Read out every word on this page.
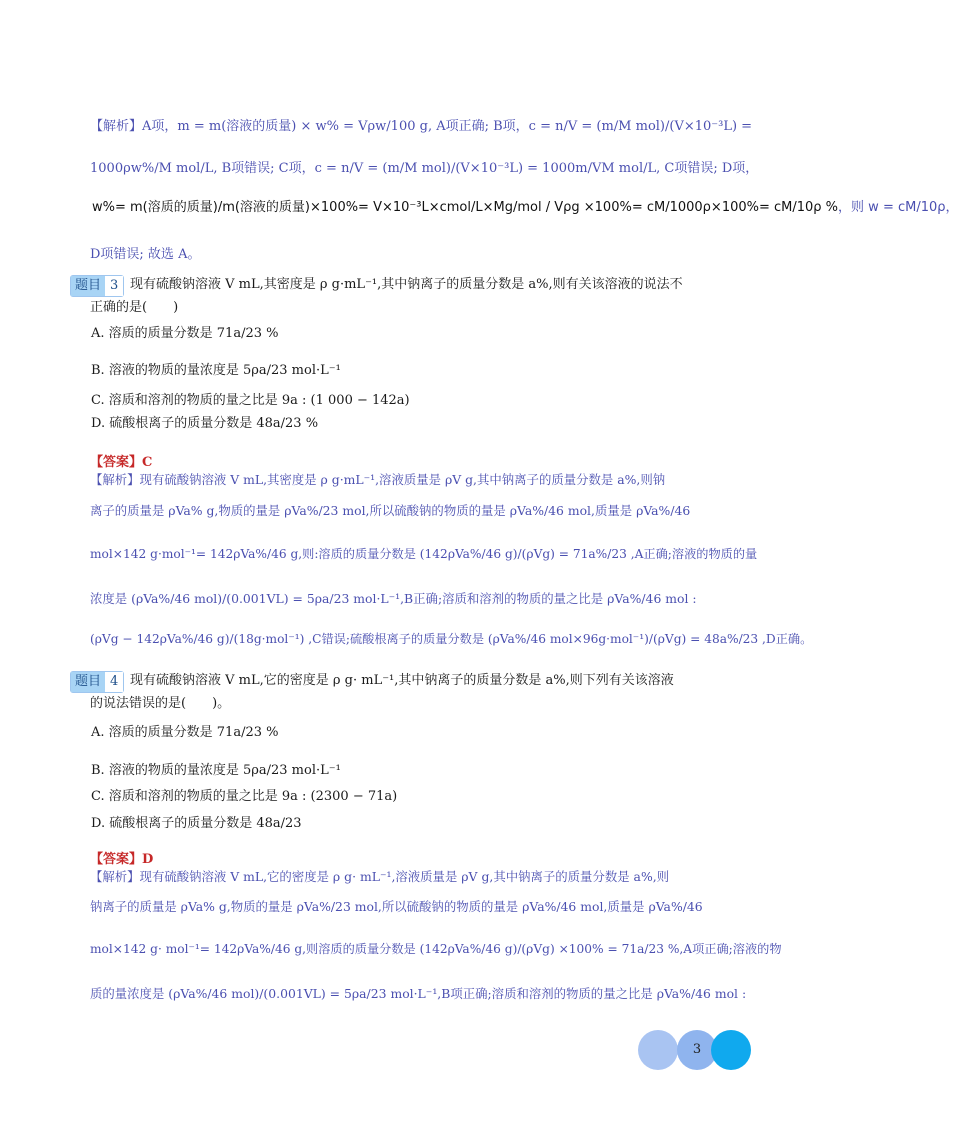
【解析】A项，m = m(溶液的质量) × w% = Vρw/100 g, A项正确; B项，c = n/V = (m/M mol)/(V×10⁻³L) =
1000ρw%/M mol/L, B项错误; C项，c = n/V = (m/M mol)/(V×10⁻³L) = 1000m/VM mol/L, C项错误; D项，
w%= m(溶质的质量)/m(溶液的质量)×100%= V×10⁻³L×cmol/L×Mg/mol / Vρg ×100%= cM/1000ρ×100%= cM/10ρ %，则 w = cM/10ρ，
D项错误; 故选 A。
题目 3 现有硫酸钠溶液 V mL,其密度是 ρ g·mL⁻¹,其中钠离子的质量分数是 a%,则有关该溶液的说法不
正确的是(　　)
A. 溶质的质量分数是 71a/23 %
B. 溶液的物质的量浓度是 5ρa/23 mol·L⁻¹
C. 溶质和溶剂的物质的量之比是 9a : (1 000 − 142a)
D. 硫酸根离子的质量分数是 48a/23 %
【答案】C
【解析】现有硫酸钠溶液 V mL,其密度是 ρ g·mL⁻¹,溶液质量是 ρV g,其中钠离子的质量分数是 a%,则钠
离子的质量是 ρVa% g,物质的量是 ρVa%/23 mol,所以硫酸钠的物质的量是 ρVa%/46 mol,质量是 ρVa%/46
mol×142 g·mol⁻¹= 142ρVa%/46 g,则:溶质的质量分数是 (142ρVa%/46 g)/(ρVg) = 71a%/23 ,A正确;溶液的物质的量
浓度是 (ρVa%/46 mol)/(0.001VL) = 5ρa/23 mol·L⁻¹,B正确;溶质和溶剂的物质的量之比是 ρVa%/46 mol :
(ρVg − 142ρVa%/46 g)/(18g·mol⁻¹) ,C错误;硫酸根离子的质量分数是 (ρVa%/46 mol×96g·mol⁻¹)/(ρVg) = 48a%/23 ,D正确。
题目 4 现有硫酸钠溶液 V mL,它的密度是 ρ g· mL⁻¹,其中钠离子的质量分数是 a%,则下列有关该溶液
的说法错误的是(　　)。
A. 溶质的质量分数是 71a/23 %
B. 溶液的物质的量浓度是 5ρa/23 mol·L⁻¹
C. 溶质和溶剂的物质的量之比是 9a : (2300 − 71a)
D. 硫酸根离子的质量分数是 48a/23
【答案】D
【解析】现有硫酸钠溶液 V mL,它的密度是 ρ g· mL⁻¹,溶液质量是 ρV g,其中钠离子的质量分数是 a%,则
钠离子的质量是 ρVa% g,物质的量是 ρVa%/23 mol,所以硫酸钠的物质的量是 ρVa%/46 mol,质量是 ρVa%/46
mol×142 g· mol⁻¹= 142ρVa%/46 g,则溶质的质量分数是 (142ρVa%/46 g)/(ρVg) ×100% = 71a/23 %,A项正确;溶液的物
质的量浓度是 (ρVa%/46 mol)/(0.001VL) = 5ρa/23 mol·L⁻¹,B项正确;溶质和溶剂的物质的量之比是 ρVa%/46 mol :
3
